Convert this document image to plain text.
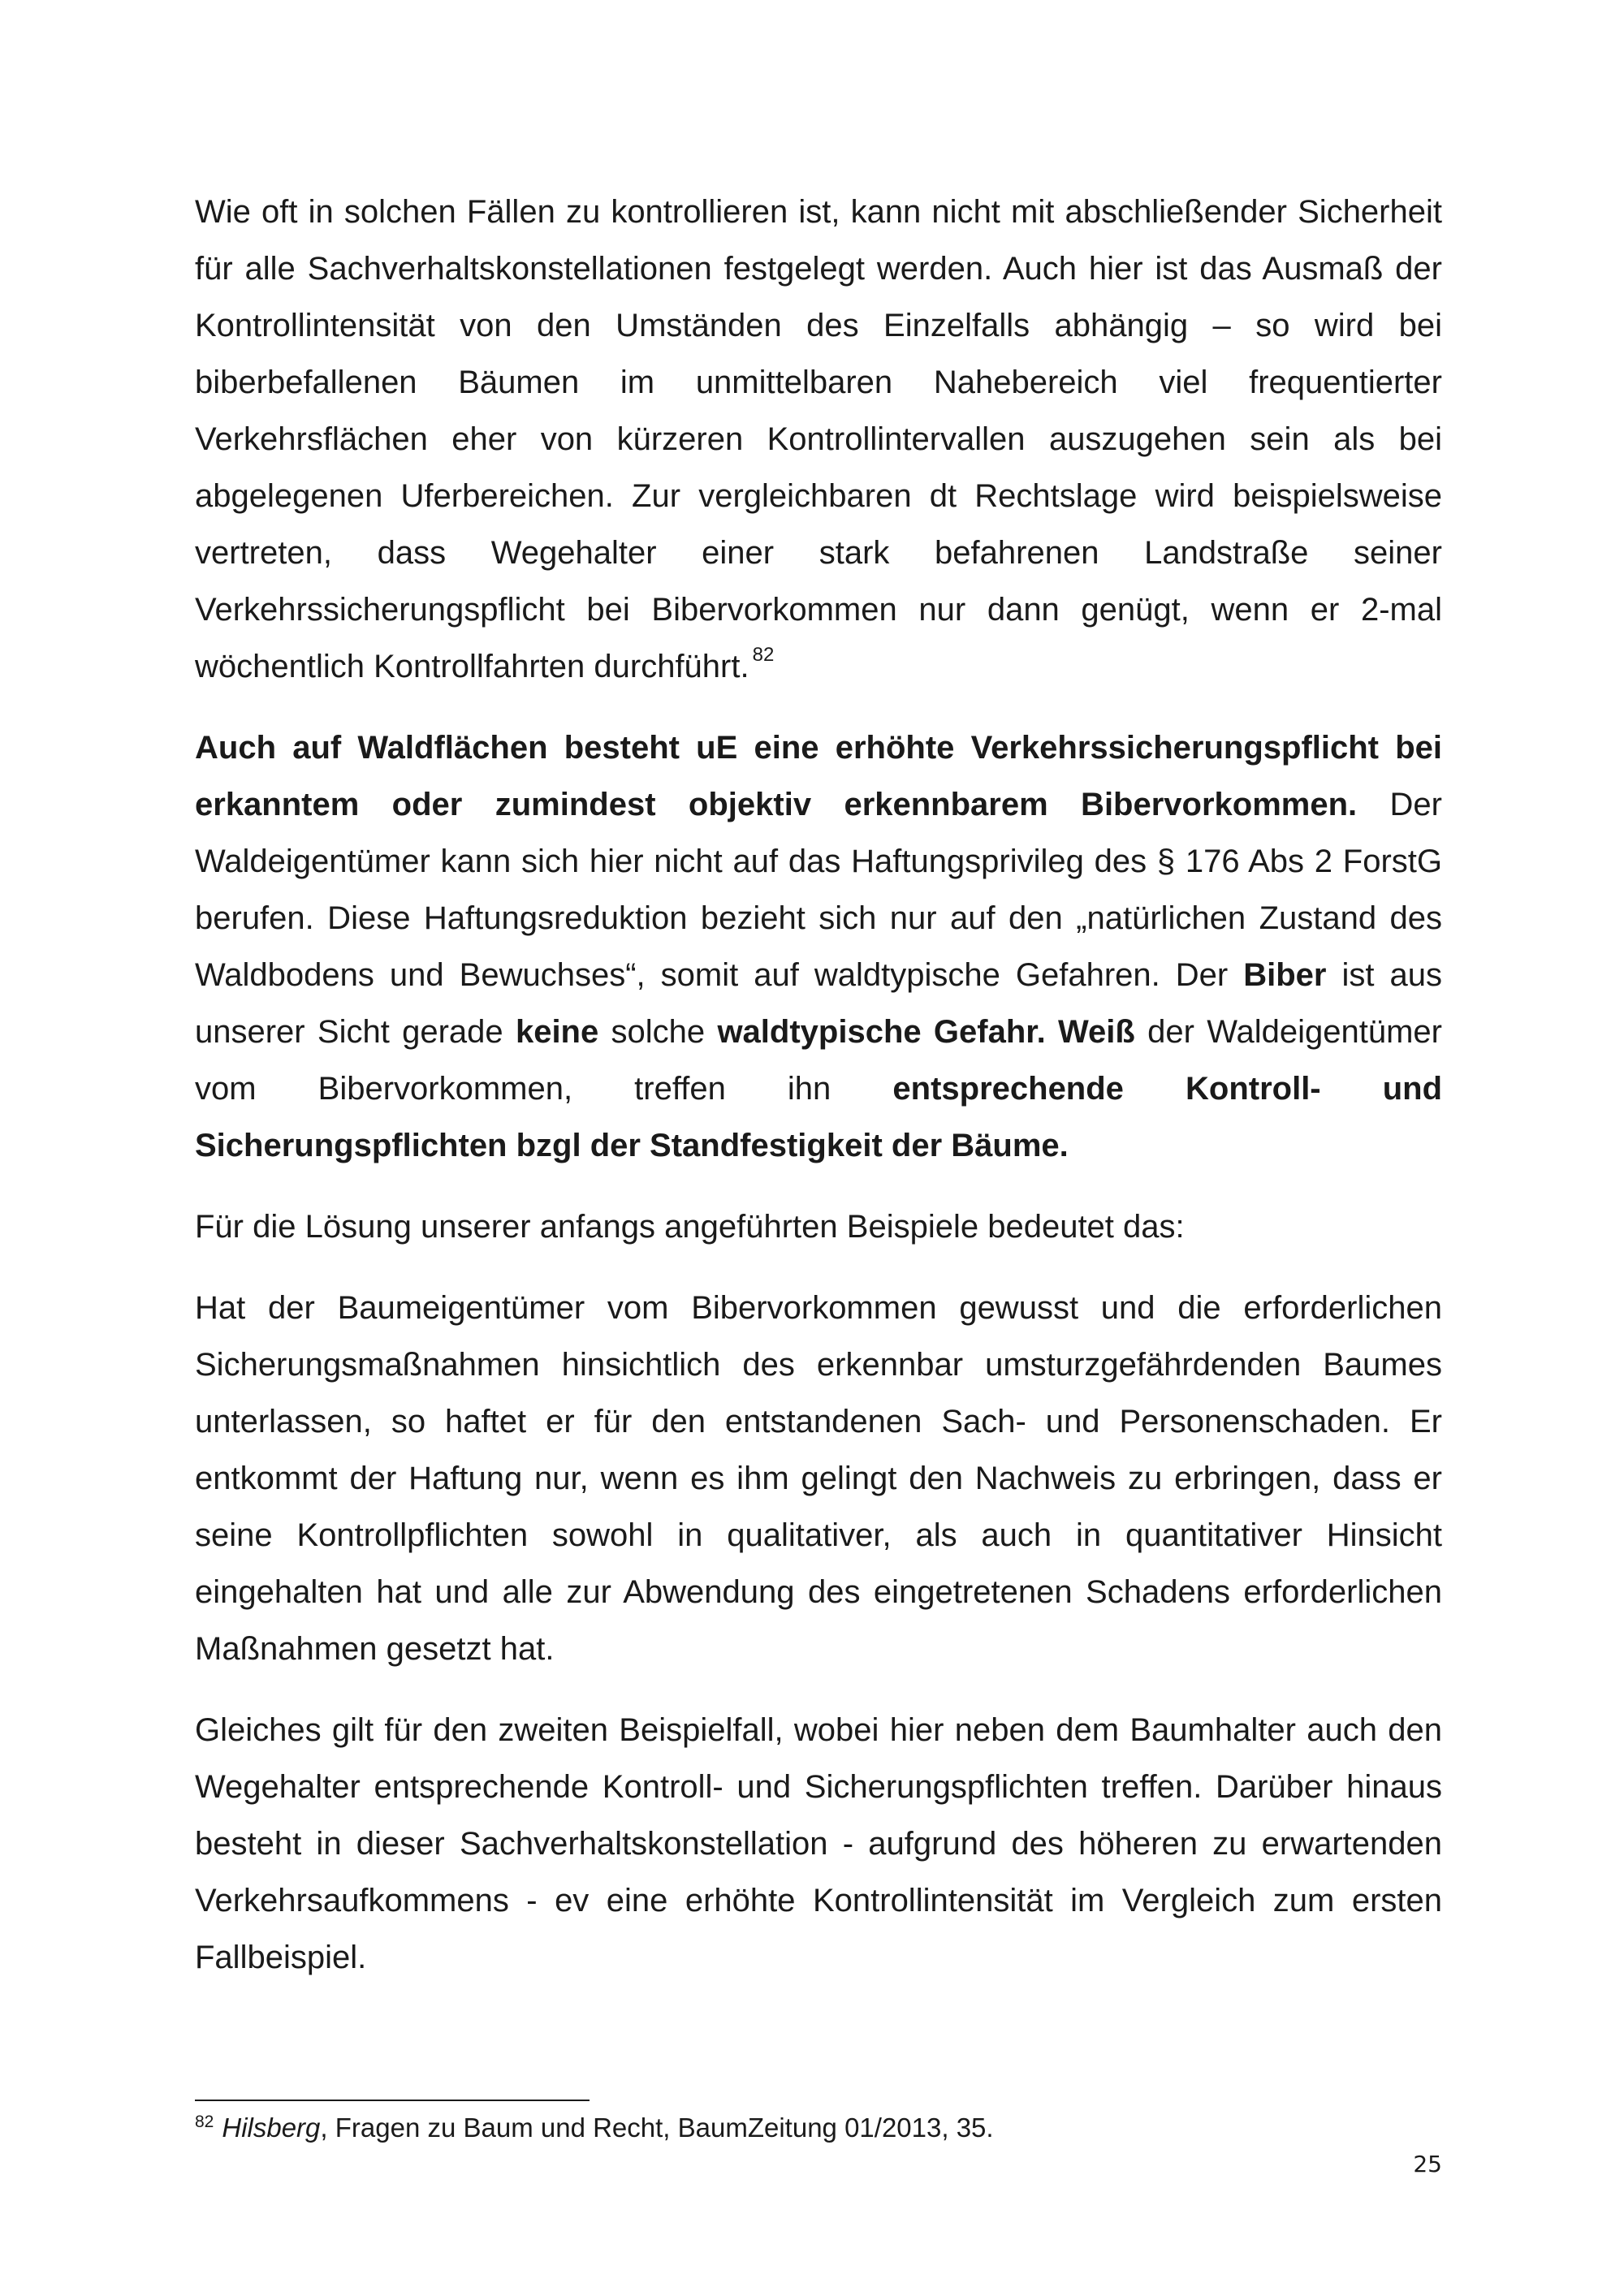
Wie oft in solchen Fällen zu kontrollieren ist, kann nicht mit abschließender Sicherheit für alle Sachverhaltskonstellationen festgelegt werden. Auch hier ist das Ausmaß der Kontrollintensität von den Umständen des Einzelfalls abhängig – so wird bei biberbefallenen Bäumen im unmittelbaren Nahebereich viel frequentierter Verkehrsflächen eher von kürzeren Kontrollintervallen auszugehen sein als bei abgelegenen Uferbereichen. Zur vergleichbaren dt Rechtslage wird beispielsweise vertreten, dass Wegehalter einer stark befahrenen Landstraße seiner Verkehrssicherungspflicht bei Bibervorkommen nur dann genügt, wenn er 2-mal wöchentlich Kontrollfahrten durchführt. $^{82}$

Auch auf Waldflächen besteht uE eine erhöhte Verkehrssicherungspflicht bei erkanntem oder zumindest objektiv erkennbarem Bibervorkommen. Der Waldeigentümer kann sich hier nicht auf das Haftungsprivileg des § 176 Abs 2 ForstG berufen. Diese Haftungsreduktion bezieht sich nur auf den „natürlichen Zustand des Waldbodens und Bewuchses“, somit auf waldtypische Gefahren. Der Biber ist aus unserer Sicht gerade keine solche waldtypische Gefahr. Weiß der Waldeigentümer vom Bibervorkommen, treffen ihn entsprechende Kontroll- und Sicherungspflichten bzgl der Standfestigkeit der Bäume.

Für die Lösung unserer anfangs angeführten Beispiele bedeutet das:

Hat der Baumeigentümer vom Bibervorkommen gewusst und die erforderlichen Sicherungsmaßnahmen hinsichtlich des erkennbar umsturzgefährdenden Baumes unterlassen, so haftet er für den entstandenen Sach- und Personenschaden. Er entkommt der Haftung nur, wenn es ihm gelingt den Nachweis zu erbringen, dass er seine Kontrollpflichten sowohl in qualitativer, als auch in quantitativer Hinsicht eingehalten hat und alle zur Abwendung des eingetretenen Schadens erforderlichen Maßnahmen gesetzt hat.

Gleiches gilt für den zweiten Beispielfall, wobei hier neben dem Baumhalter auch den Wegehalter entsprechende Kontroll- und Sicherungspflichten treffen. Darüber hinaus besteht in dieser Sachverhaltskonstellation - aufgrund des höheren zu erwartenden Verkehrsaufkommens - ev eine erhöhte Kontrollintensität im Vergleich zum ersten Fallbeispiel.

$^{82}$ Hilsberg, Fragen zu Baum und Recht, BaumZeitung 01/2013, 35.
25
